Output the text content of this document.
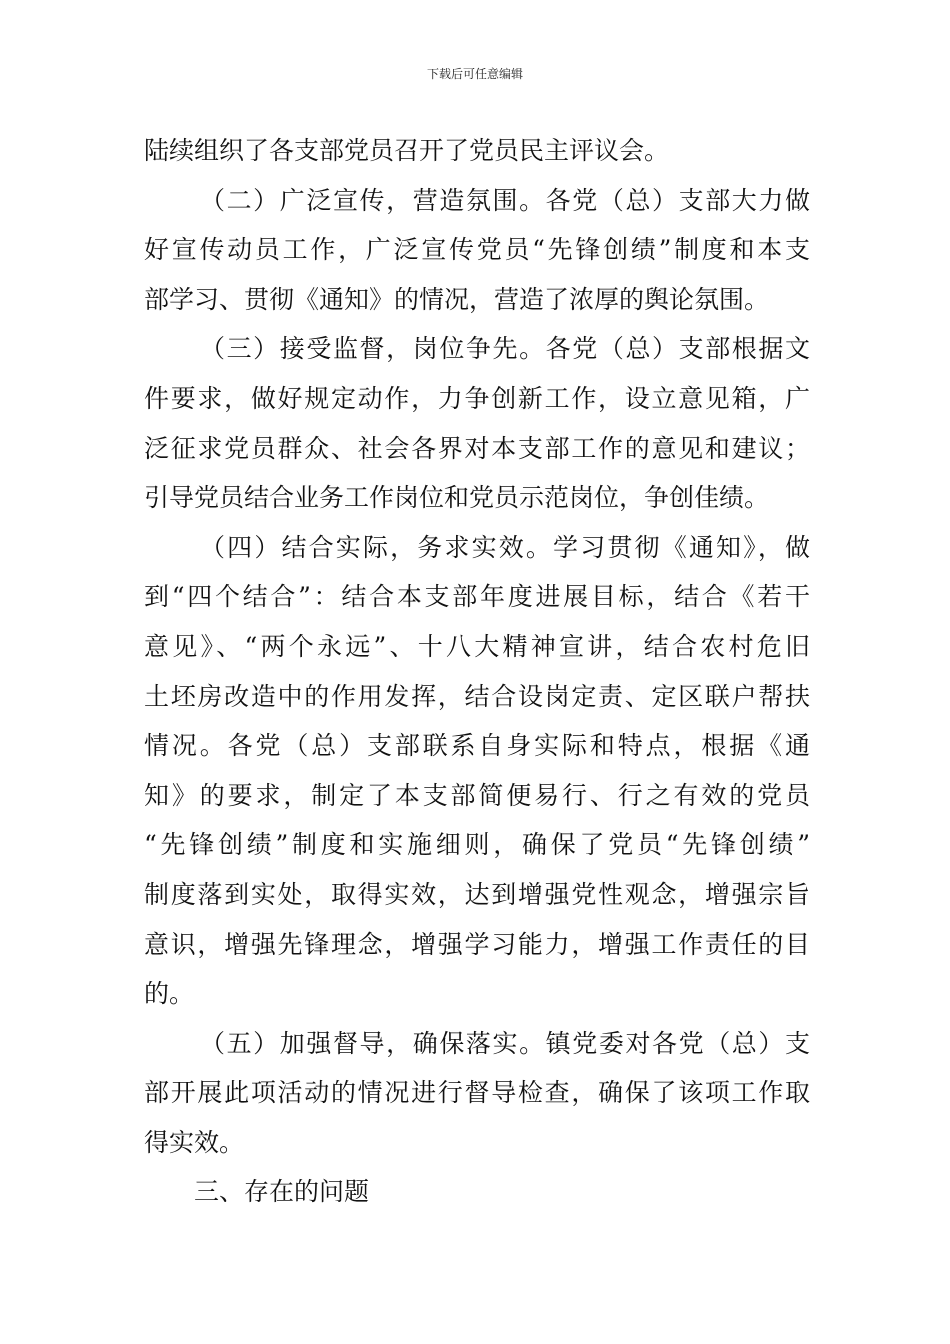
下载后可任意编辑
陆续组织了各支部党员召开了党员民主评议会。
（二）广泛宣传，营造氛围。各党（总）支部大力做
好宣传动员工作，广泛宣传党员“先锋创绩”制度和本支
部学习、贯彻《通知》的情况，营造了浓厚的舆论氛围。
（三）接受监督，岗位争先。各党（总）支部根据文
件要求，做好规定动作，力争创新工作，设立意见箱，广
泛征求党员群众、社会各界对本支部工作的意见和建议；
引导党员结合业务工作岗位和党员示范岗位，争创佳绩。
（四）结合实际，务求实效。学习贯彻《通知》，做
到“四个结合”：结合本支部年度进展目标，结合《若干
意见》、“两个永远”、十八大精神宣讲，结合农村危旧
土坯房改造中的作用发挥，结合设岗定责、定区联户帮扶
情况。各党（总）支部联系自身实际和特点，根据《通
知》的要求，制定了本支部简便易行、行之有效的党员
“先锋创绩”制度和实施细则，确保了党员“先锋创绩”
制度落到实处，取得实效，达到增强党性观念，增强宗旨
意识，增强先锋理念，增强学习能力，增强工作责任的目
的。
（五）加强督导，确保落实。镇党委对各党（总）支
部开展此项活动的情况进行督导检查，确保了该项工作取
得实效。
三、存在的问题
